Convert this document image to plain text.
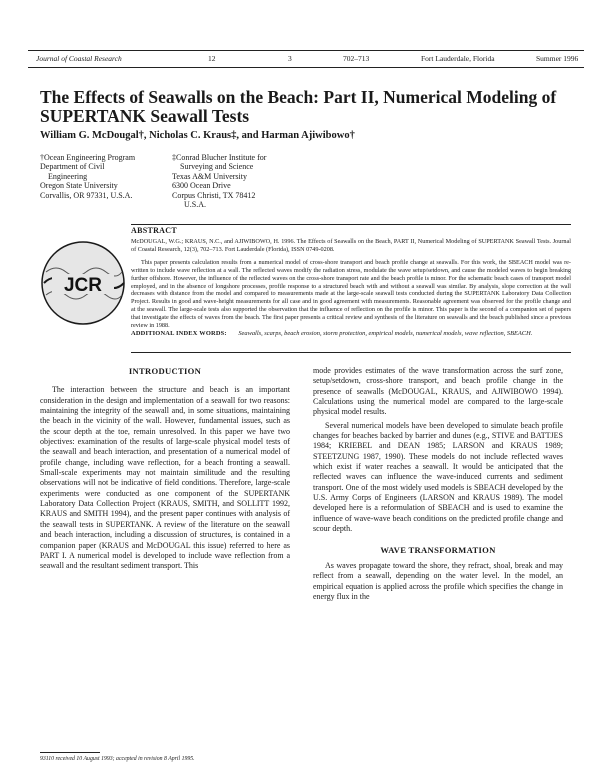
Journal of Coastal Research	12	3	702–713	Fort Lauderdale, Florida	Summer 1996
The Effects of Seawalls on the Beach: Part II, Numerical Modeling of SUPERTANK Seawall Tests
William G. McDougal†, Nicholas C. Kraus‡, and Harman Ajiwibowo†
†Ocean Engineering Program
Department of Civil
Engineering
Oregon State University
Corvallis, OR 97331, U.S.A.
‡Conrad Blucher Institute for
Surveying and Science
Texas A&M University
6300 Ocean Drive
Corpus Christi, TX 78412
U.S.A.
ABSTRACT
JCR

McDOUGAL, W.G.; KRAUS, N.C., and AJIWIBOWO, H. 1996. The Effects of Seawalls on the Beach, PART II, Numerical Modeling of SUPERTANK Seawall Tests. Journal of Coastal Research, 12(3), 702–713. Fort Lauderdale (Florida), ISSN 0749-0208.

This paper presents calculation results from a numerical model of cross-shore transport and beach profile change at seawalls. For this work, the SBEACH model was re-written to include wave reflection at a wall. The reflected waves modify the radiation stress, modulate the wave setup/setdown, and cause the modeled waves to begin breaking further offshore. However, the influence of the reflected waves on the cross-shore transport rate and the beach profile is minor. For the schematic beach cases of transport model employed, and in the absence of longshore processes, profile response to a structured beach with and without a seawall was similar. By analysis, slope correction at the wall decreases with distance from the model and compared to measurements made at the large-scale seawall tests conducted during the SUPERTANK Laboratory Data Collection Project. Results in good and wave-height measurements for all case and in good agreement with measurements. Reasonable agreement was observed for the profile change and at the seawall. The large-scale tests also supported the observation that the influence of reflection on the profile is minor. This paper is the second of a companion set of papers that investigate the effects of waves from the beach. The first paper presents a critical review and synthesis of the literature on seawalls and the beach published since a previous review in 1988.

ADDITIONAL INDEX WORDS: Seawalls, scarps, beach erosion, storm protection, empirical models, numerical models, wave reflection, SBEACH.
INTRODUCTION

The interaction between the structure and beach is an important consideration in the design and implementation of a seawall for two reasons: maintaining the integrity of the seawall and, in some situations, maintaining the beach in the vicinity of the wall. However, fundamental issues, such as the scour depth at the toe, remain unresolved. In this paper we have two objectives: examination of the results of large-scale physical model tests of the seawall and beach interaction, and presentation of a numerical model of profile change, including wave reflection, for a beach fronting a seawall. Small-scale experiments may not maintain similitude and the resulting observations will not be indicative of field conditions. Therefore, large-scale experiments were conducted as one component of the SUPERTANK Laboratory Data Collection Project (KRAUS, SMITH, and SOLLITT 1992, KRAUS and SMITH 1994), and the present paper continues with analysis of the seawall tests in SUPERTANK. A review of the literature on the seawall and beach interaction, including a discussion of structures, is contained in a companion paper (KRAUS and McDOUGAL this issue) referred to here as PART I. A numerical model is developed to include wave reflection from a seawall and the resultant sediment transport. This

mode provides estimates of the wave transformation across the surf zone, setup/setdown, cross-shore transport, and beach profile change in the presence of seawalls (McDOUGAL, KRAUS, and AJIWIBOWO 1994). Calculations using the numerical model are compared to the large-scale physical model results.

Several numerical models have been developed to simulate beach profile changes for beaches backed by barrier and dunes (e.g., STIVE and BATTJES 1984; KRIEBEL and DEAN 1985; LARSON and KRAUS 1989; STEETZUNG 1987, 1990). These models do not include reflected waves which exist if water reaches a seawall. It would be anticipated that the reflected waves can influence the wave-induced currents and sediment transport. One of the most widely used models is SBEACH developed by the U.S. Army Corps of Engineers (LARSON and KRAUS 1989). The model developed here is a reformulation of SBEACH and is used to examine the influence of wave-wave beach conditions on the predicted profile change and scour depth.

WAVE TRANSFORMATION

As waves propagate toward the shore, they refract, shoal, break and may reflect from a seawall, depending on the water level. In the model, an empirical equation is applied across the profile which specifies the change in energy flux in the

93110 received 10 August 1993; accepted in revision 8 April 1995.
